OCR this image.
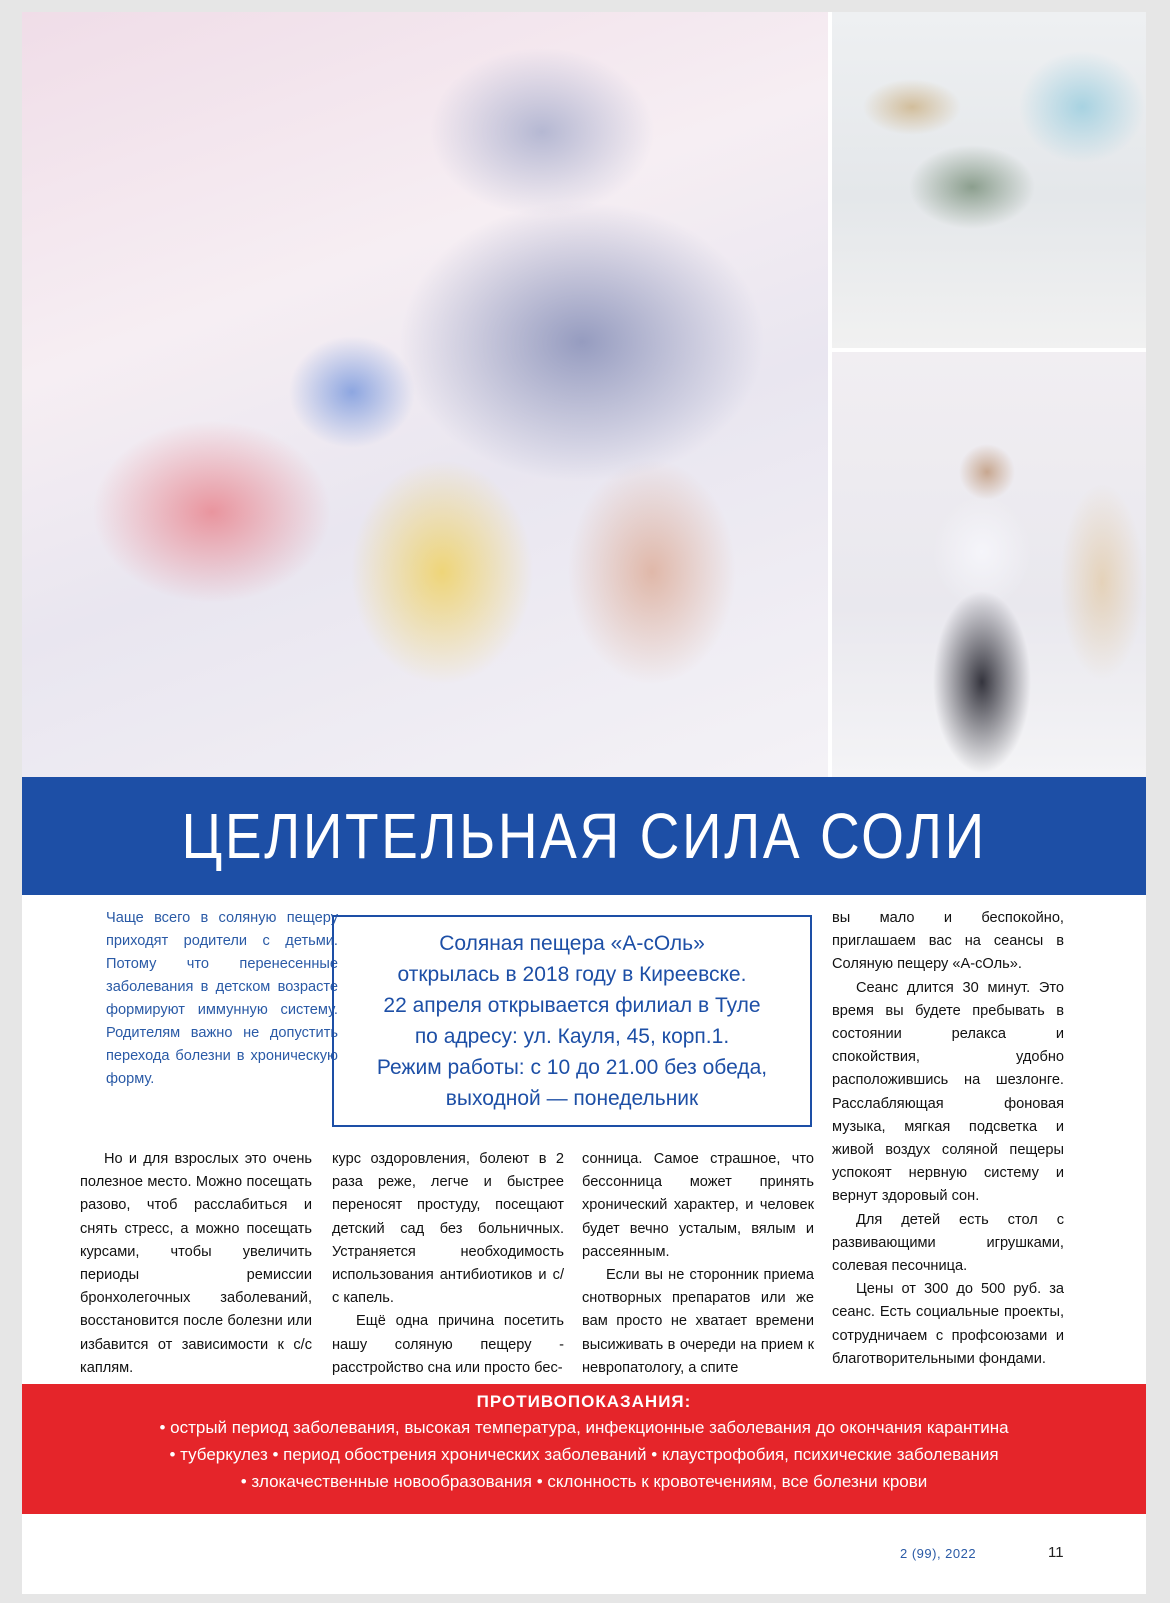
ЦЕЛИТЕЛЬНАЯ СИЛА СОЛИ
Чаще всего в соляную пещеру приходят родители с детьми. Потому что перенесенные заболевания в детском возрасте формируют иммунную систему. Родителям важно не допустить перехода болезни в хроническую форму.
Соляная пещера «А-сОль»
открылась в 2018 году в Киреевске.
22 апреля открывается филиал в Туле
по адресу: ул. Кауля, 45, корп.1.
Режим работы: с 10 до 21.00 без обеда,
выходной — понедельник

Но и для взрослых это очень полезное место. Можно посещать разово, чтоб расслабиться и снять стресс, а можно посещать курсами, чтобы увеличить периоды ремиссии бронхолегочных заболеваний, восстановится после болезни или избавится от зависимости к с/с каплям.

курс оздоровления, болеют в 2 раза реже, легче и быстрее переносят простуду, посещают детский сад без больничных. Устраняется необходимость использования антибиотиков и с/с капель.

Ещё одна причина посетить нашу соляную пещеру - расстройство сна или просто бес-

сонница. Самое страшное, что бессонница может принять хронический характер, и человек будет вечно усталым, вялым и рассеянным.

Если вы не сторонник приема снотворных препаратов или же вам просто не хватает времени высиживать в очереди на прием к невропатологу, а спите

вы мало и беспокойно, приглашаем вас на сеансы в Соляную пещеру «А-сОль».

Сеанс длится 30 минут. Это время вы будете пребывать в состоянии релакса и спокойствия, удобно расположившись на шезлонге. Расслабляющая фоновая музыка, мягкая подсветка и живой воздух соляной пещеры успокоят нервную систему и вернут здоровый сон.

Для детей есть стол с развивающими игрушками, солевая песочница.

Цены от 300 до 500 руб. за сеанс. Есть социальные проекты, сотрудничаем с профсоюзами и благотворительными фондами.

ПРОТИВОПОКАЗАНИЯ:
• острый период заболевания, высокая температура, инфекционные заболевания до окончания карантина
• туберкулез • период обострения хронических заболеваний • клаустрофобия, психические заболевания
• злокачественные новообразования • склонность к кровотечениям, все болезни крови
2 (99), 2022	11
